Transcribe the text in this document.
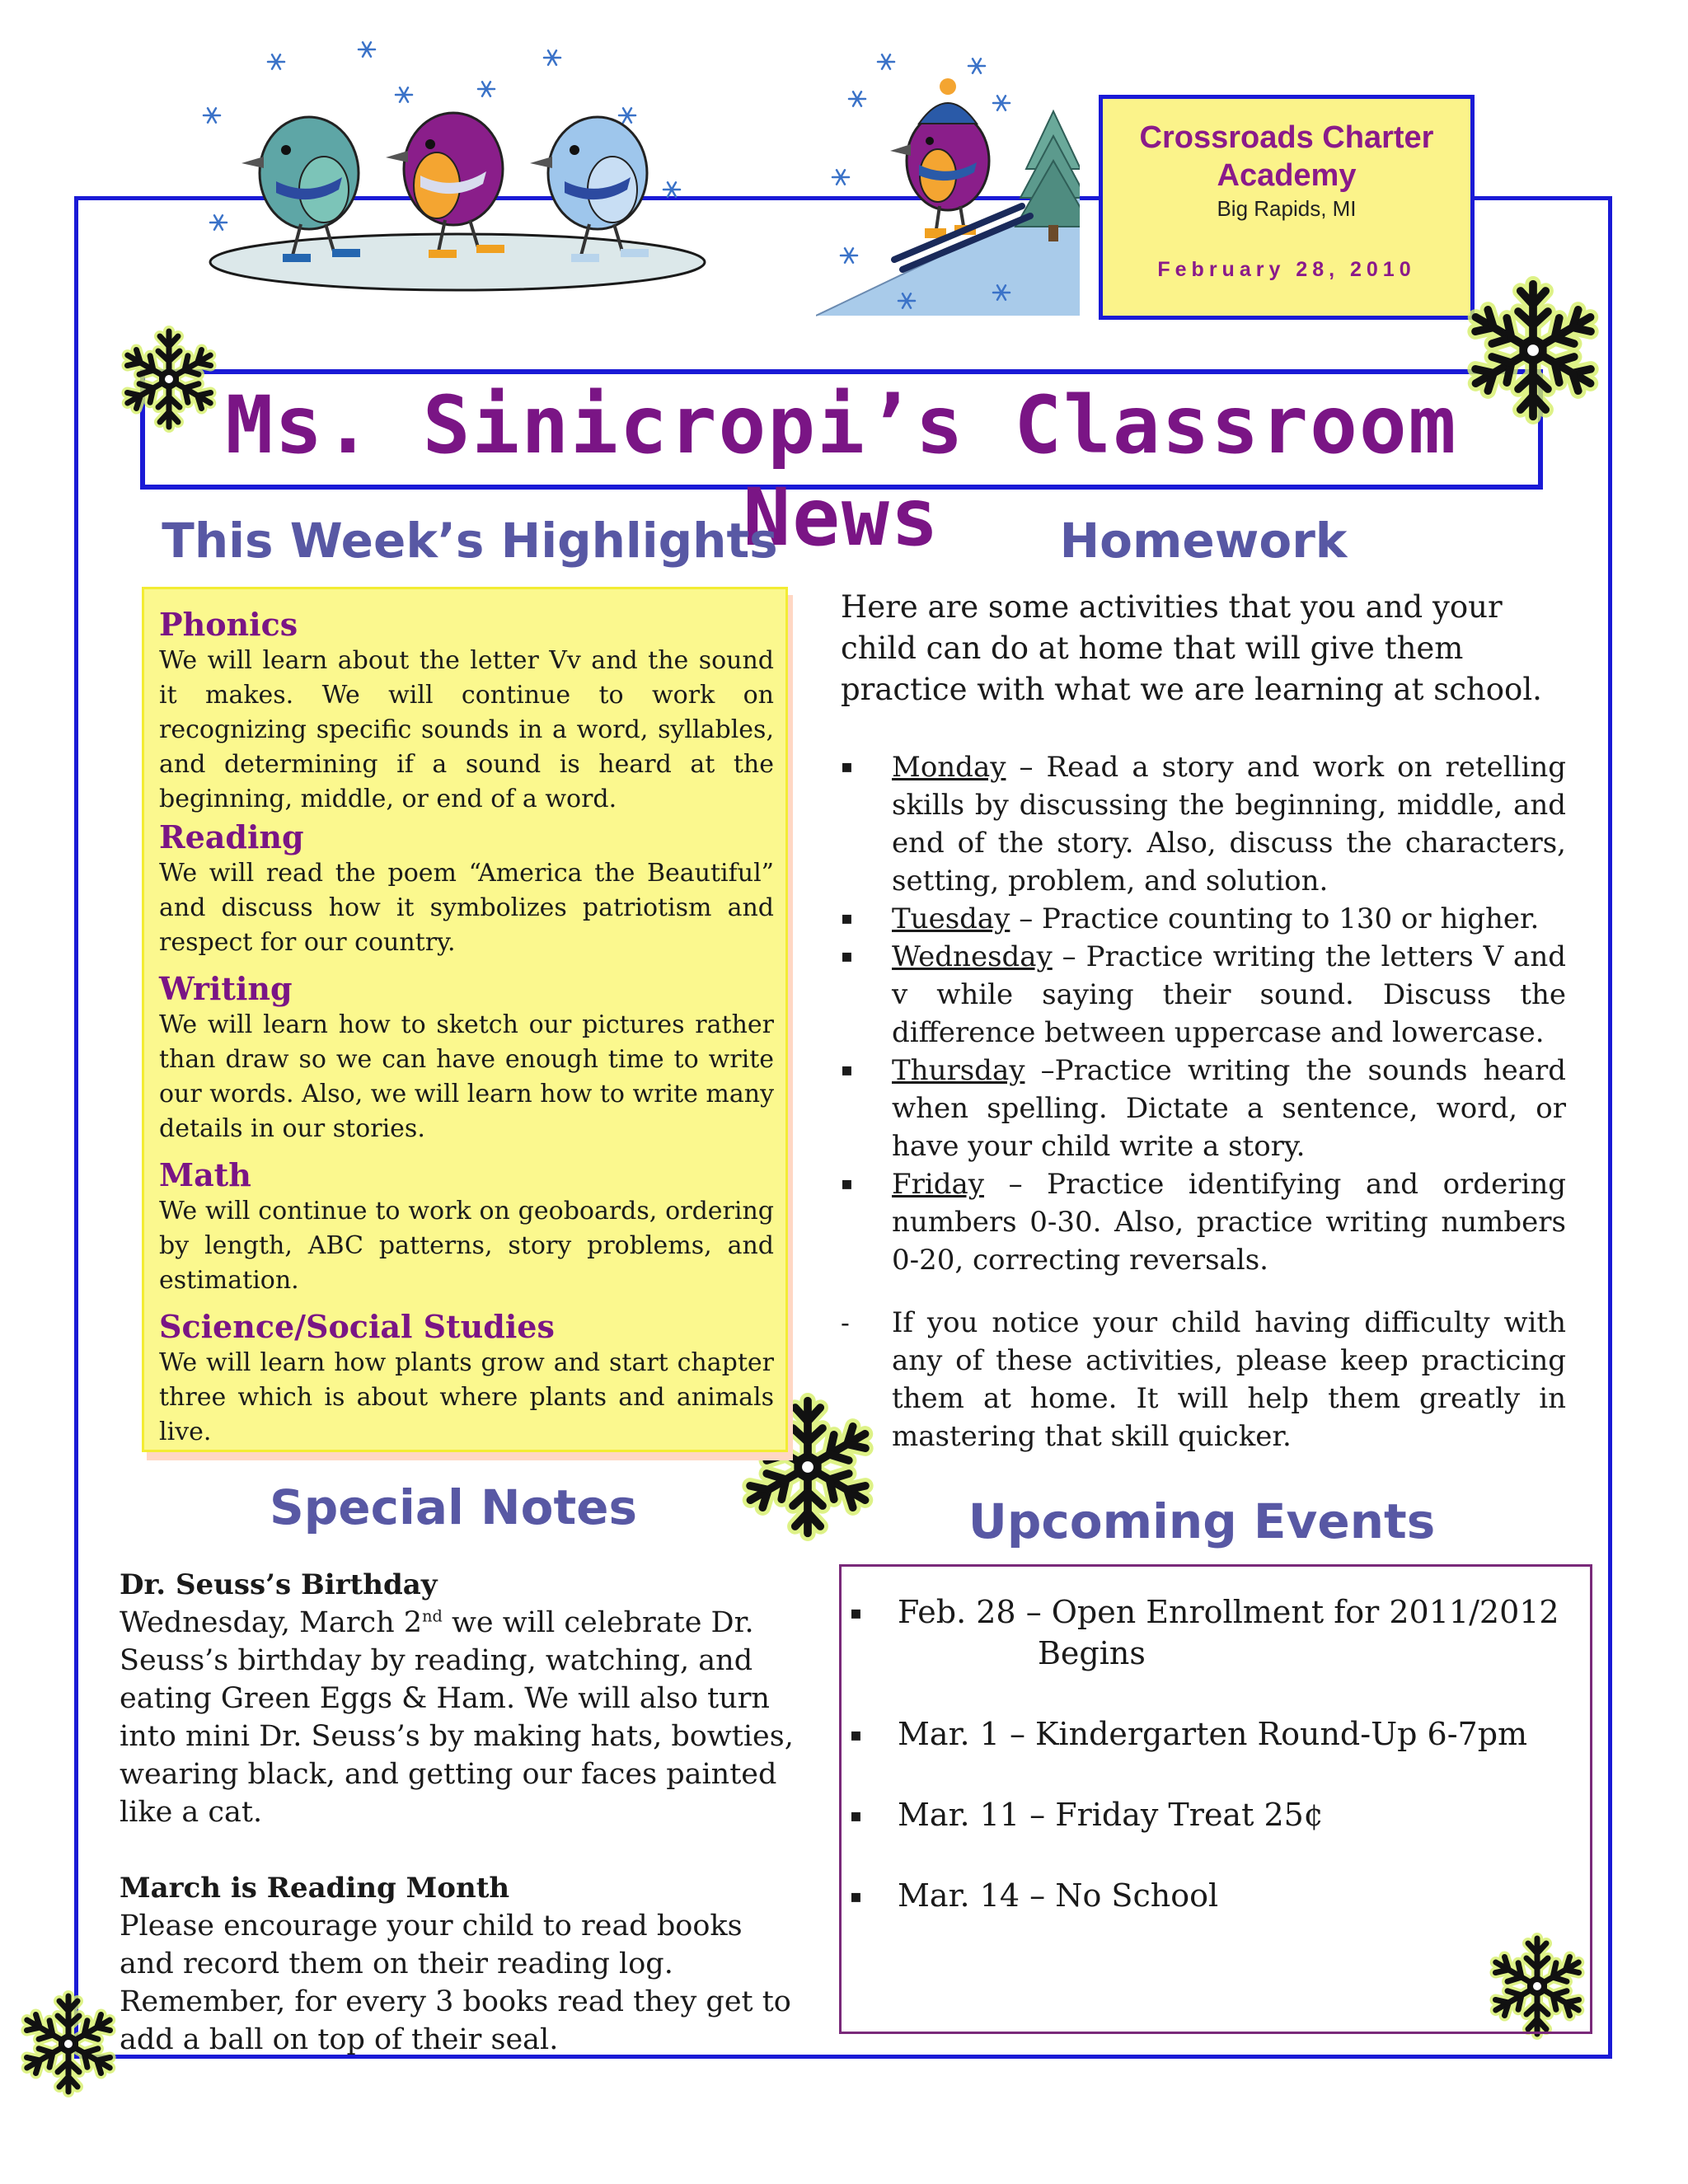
Crossroads Charter Academy
Big Rapids, MI
February 28, 2010
Ms. Sinicropi’s Classroom News
This Week’s Highlights
Phonics
We will learn about the letter Vv and the sound it makes. We will continue to work on recognizing specific sounds in a word, syllables, and determining if a sound is heard at the beginning, middle, or end of a word.
Reading
We will read the poem “America the Beautiful” and discuss how it symbolizes patriotism and respect for our country.
Writing
We will learn how to sketch our pictures rather than draw so we can have enough time to write our words. Also, we will learn how to write many details in our stories.
Math
We will continue to work on geoboards, ordering by length, ABC patterns, story problems, and estimation.
Science/Social Studies
We will learn how plants grow and start chapter three which is about where plants and animals live.
Homework
Here are some activities that you and your child can do at home that will give them practice with what we are learning at school.
▪ Monday – Read a story and work on retelling skills by discussing the beginning, middle, and end of the story. Also, discuss the characters, setting, problem, and solution.
▪ Tuesday – Practice counting to 130 or higher.
▪ Wednesday – Practice writing the letters V and v while saying their sound. Discuss the difference between uppercase and lowercase.
▪ Thursday –Practice writing the sounds heard when spelling. Dictate a sentence, word, or have your child write a story.
▪ Friday – Practice identifying and ordering numbers 0-30. Also, practice writing numbers 0-20, correcting reversals.
- If you notice your child having difficulty with any of these activities, please keep practicing them at home. It will help them greatly in mastering that skill quicker.
Special Notes
Dr. Seuss’s Birthday
Wednesday, March 2nd we will celebrate Dr. Seuss’s birthday by reading, watching, and eating Green Eggs & Ham. We will also turn into mini Dr. Seuss’s by making hats, bowties, wearing black, and getting our faces painted like a cat.
March is Reading Month
Please encourage your child to read books and record them on their reading log. Remember, for every 3 books read they get to add a ball on top of their seal.
Upcoming Events
▪ Feb. 28 – Open Enrollment for 2011/2012
Begins
▪ Mar. 1 – Kindergarten Round-Up 6-7pm
▪ Mar. 11 – Friday Treat 25¢
▪ Mar. 14 – No School
